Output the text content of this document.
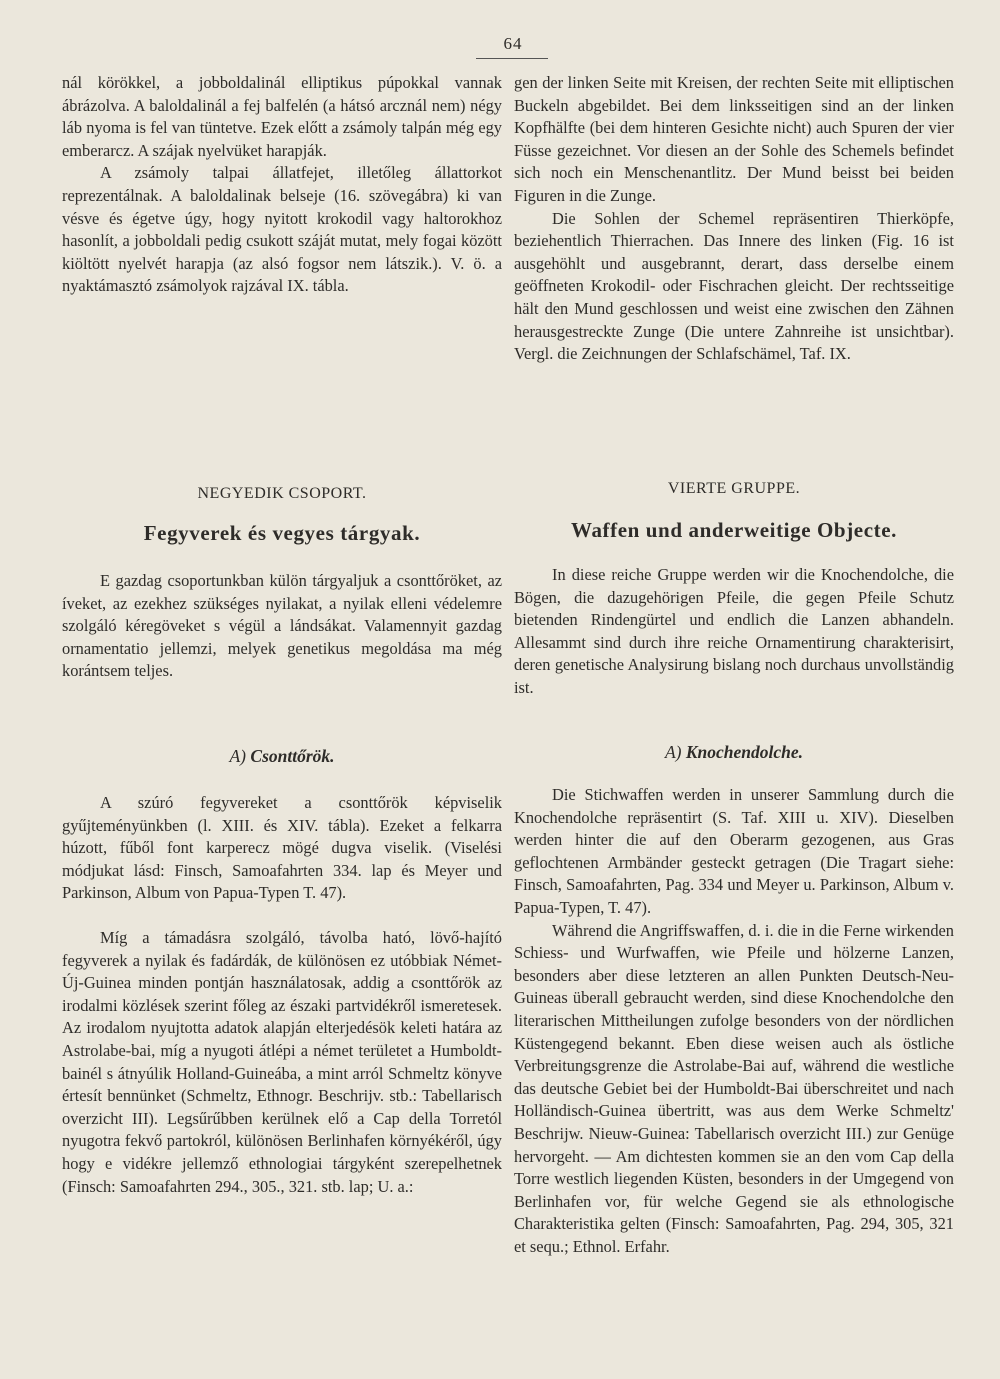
64

nál körökkel, a jobboldalinál elliptikus púpokkal vannak ábrázolva. A baloldalinál a fej balfelén (a hátsó arcznál nem) négy láb nyoma is fel van tüntetve. Ezek előtt a zsámoly talpán még egy emberarcz. A szájak nyelvüket harapják.

A zsámoly talpai állatfejet, illetőleg állattorkot reprezentálnak. A baloldalinak belseje (16. szövegábra) ki van vésve és égetve úgy, hogy nyitott krokodil vagy haltorokhoz hasonlít, a jobboldali pedig csukott száját mutat, mely fogai között kiöltött nyelvét harapja (az alsó fogsor nem látszik.). V. ö. a nyaktámasztó zsámolyok rajzával IX. tábla.

NEGYEDIK CSOPORT.

Fegyverek és vegyes tárgyak.

E gazdag csoportunkban külön tárgyaljuk a csonttőröket, az íveket, az ezekhez szükséges nyilakat, a nyilak elleni védelemre szolgáló kéregöveket s végül a lándsákat. Valamennyit gazdag ornamentatio jellemzi, melyek genetikus megoldása ma még korántsem teljes.

A) Csonttőrök.

A szúró fegyvereket a csonttőrök képviselik gyűjteményünkben (l. XIII. és XIV. tábla). Ezeket a felkarra húzott, fűből font karperecz mögé dugva viselik. (Viselési módjukat lásd: Finsch, Samoafahrten 334. lap és Meyer und Parkinson, Album von Papua-Typen T. 47).

Míg a támadásra szolgáló, távolba ható, lövő-hajító fegyverek a nyilak és fadárdák, de különösen ez utóbbiak Német-Új-Guinea minden pontján használatosak, addig a csonttőrök az irodalmi közlések szerint főleg az északi partvidékről ismeretesek. Az irodalom nyujtotta adatok alapján elterjedésök keleti határa az Astrolabe-bai, míg a nyugoti átlépi a német területet a Humboldt-bainél s átnyúlik Holland-Guineába, a mint arról Schmeltz könyve értesít bennünket (Schmeltz, Ethnogr. Beschrijv. stb.: Tabellarisch overzicht III). Legsűrűbben kerülnek elő a Cap della Torretól nyugotra fekvő partokról, különösen Berlinhafen környékéről, úgy hogy e vidékre jellemző ethnologiai tárgyként szerepelhetnek (Finsch: Samoafahrten 294., 305., 321. stb. lap; U. a.:

gen der linken Seite mit Kreisen, der rechten Seite mit elliptischen Buckeln abgebildet. Bei dem linksseitigen sind an der linken Kopfhälfte (bei dem hinteren Gesichte nicht) auch Spuren der vier Füsse gezeichnet. Vor diesen an der Sohle des Schemels befindet sich noch ein Menschenantlitz. Der Mund beisst bei beiden Figuren in die Zunge.

Die Sohlen der Schemel repräsentiren Thierköpfe, beziehentlich Thierrachen. Das Innere des linken (Fig. 16 ist ausgehöhlt und ausgebrannt, derart, dass derselbe einem geöffneten Krokodil- oder Fischrachen gleicht. Der rechtsseitige hält den Mund geschlossen und weist eine zwischen den Zähnen herausgestreckte Zunge (Die untere Zahnreihe ist unsichtbar). Vergl. die Zeichnungen der Schlafschämel, Taf. IX.

VIERTE GRUPPE.

Waffen und anderweitige Objecte.

In diese reiche Gruppe werden wir die Knochendolche, die Bögen, die dazugehörigen Pfeile, die gegen Pfeile Schutz bietenden Rindengürtel und endlich die Lanzen abhandeln. Allesammt sind durch ihre reiche Ornamentirung charakterisirt, deren genetische Analysirung bislang noch durchaus unvollständig ist.

A) Knochendolche.

Die Stichwaffen werden in unserer Sammlung durch die Knochendolche repräsentirt (S. Taf. XIII u. XIV). Dieselben werden hinter die auf den Oberarm gezogenen, aus Gras geflochtenen Armbänder gesteckt getragen (Die Tragart siehe: Finsch, Samoafahrten, Pag. 334 und Meyer u. Parkinson, Album v. Papua-Typen, T. 47).

Während die Angriffswaffen, d. i. die in die Ferne wirkenden Schiess- und Wurfwaffen, wie Pfeile und hölzerne Lanzen, besonders aber diese letzteren an allen Punkten Deutsch-Neu-Guineas überall gebraucht werden, sind diese Knochendolche den literarischen Mittheilungen zufolge besonders von der nördlichen Küstengegend bekannt. Eben diese weisen auch als östliche Verbreitungsgrenze die Astrolabe-Bai auf, während die westliche das deutsche Gebiet bei der Humboldt-Bai überschreitet und nach Holländisch-Guinea übertritt, was aus dem Werke Schmeltz' Beschrijw. Nieuw-Guinea: Tabellarisch overzicht III.) zur Genüge hervorgeht. — Am dichtesten kommen sie an den vom Cap della Torre westlich liegenden Küsten, besonders in der Umgegend von Berlinhafen vor, für welche Gegend sie als ethnologische Charakteristika gelten (Finsch: Samoafahrten, Pag. 294, 305, 321 et sequ.; Ethnol. Erfahr.
